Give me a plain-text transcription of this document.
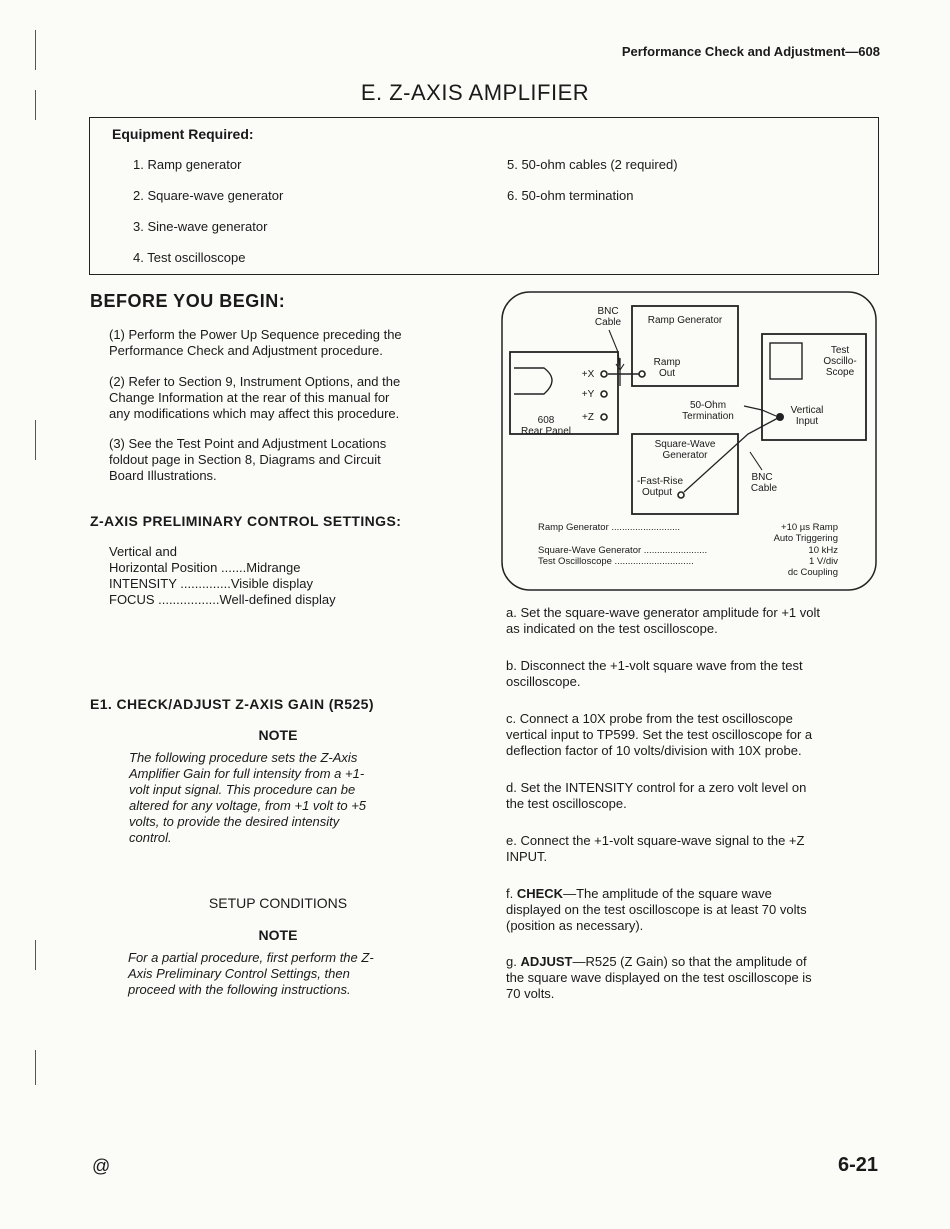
Performance Check and Adjustment—608
E. Z-AXIS AMPLIFIER
Equipment Required:
1. Ramp generator
2. Square-wave generator
3. Sine-wave generator
4. Test oscilloscope
5. 50-ohm cables (2 required)
6. 50-ohm termination
BEFORE YOU BEGIN:
(1) Perform the Power Up Sequence preceding the
Performance Check and Adjustment procedure.
(2) Refer to Section 9, Instrument Options, and the
Change Information at the rear of this manual for
any modifications which may affect this procedure.
(3) See the Test Point and Adjustment Locations
foldout page in Section 8, Diagrams and Circuit
Board Illustrations.
Z-AXIS PRELIMINARY CONTROL SETTINGS:
Vertical and
Horizontal Position .......Midrange
INTENSITY ..............Visible display
FOCUS .................Well-defined display
E1. CHECK/ADJUST Z-AXIS GAIN (R525)
NOTE
The following procedure sets the Z-Axis
Amplifier Gain for full intensity from a +1-
volt input signal. This procedure can be
altered for any voltage, from +1 volt to +5
volts, to provide the desired intensity
control.
SETUP CONDITIONS
NOTE
For a partial procedure, first perform the Z-
Axis Preliminary Control Settings, then
proceed with the following instructions.
BNC
Cable	Ramp Generator
Ramp
Out
Test
Oscillo-
Scope
Vertical
Input
+X
+Y
+Z
608
Rear Panel
50-Ohm
Termination
Square-Wave
Generator
-Fast-Rise
Output
BNC
Cable
Ramp Generator ..........................	+10 µs Ramp
Auto Triggering
Square-Wave Generator ........................	10 kHz
Test Oscilloscope ..............................	1 V/div
dc Coupling
a. Set the square-wave generator amplitude for +1 volt
as indicated on the test oscilloscope.
b. Disconnect the +1-volt square wave from the test
oscilloscope.
c. Connect a 10X probe from the test oscilloscope
vertical input to TP599. Set the test oscilloscope for a
deflection factor of 10 volts/division with 10X probe.
d. Set the INTENSITY control for a zero volt level on
the test oscilloscope.
e. Connect the +1-volt square-wave signal to the +Z
INPUT.
f. CHECK—The amplitude of the square wave
displayed on the test oscilloscope is at least 70 volts
(position as necessary).
g. ADJUST—R525 (Z Gain) so that the amplitude of
the square wave displayed on the test oscilloscope is
70 volts.
@	6-21
